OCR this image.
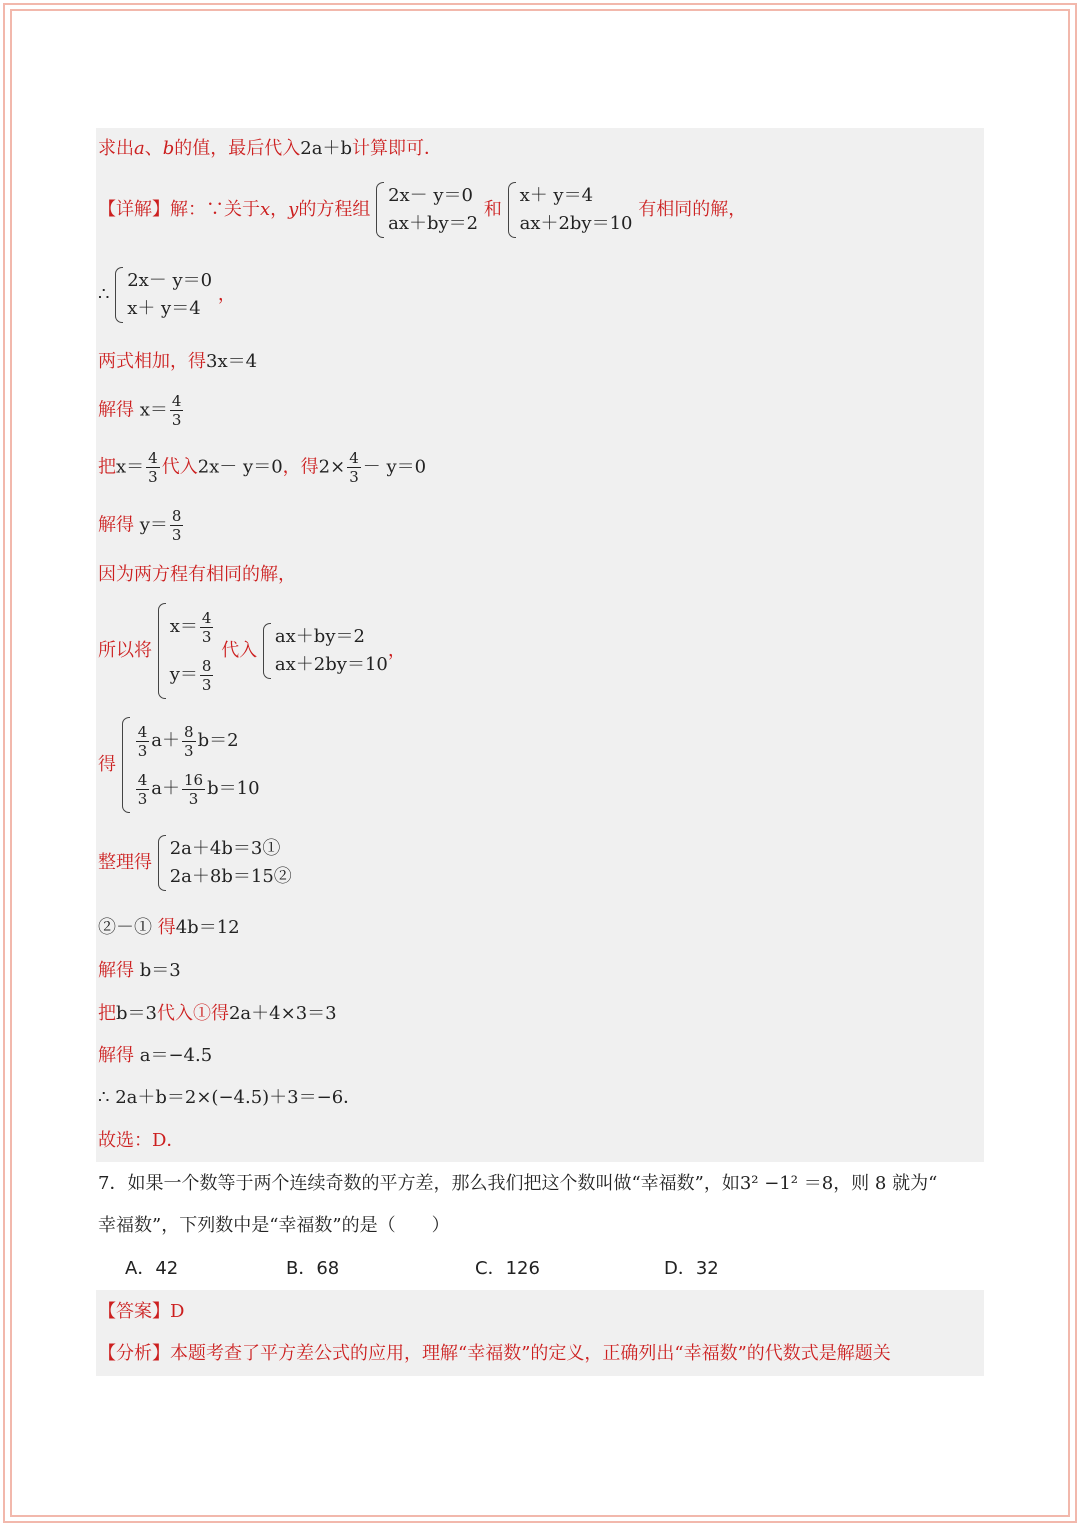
求出a、b的值，最后代入2a＋b计算即可．
【详解】解：∵关于x，y的方程组
2x－ y＝0
ax＋by＝2
和
x＋ y＝4
ax＋2by＝10
有相同的解，
∴
2x－ y＝0
x＋ y＝4
，
两式相加，得3x＝4
解得 $x= \frac{4}{3}$
把$x= \frac{4}{3}$ 代入2x－ y＝0，得$2\times \frac{4}{3} - y=0$
解得 $y= \frac{8}{3}$
因为两方程有相同的解，
所以将
$x= \frac{4}{3}$
$y= \frac{8}{3}$
代入
ax＋by＝2
ax＋2by＝10
，
得
$\frac{4}{3} a+ \frac{8}{3} b=2$
$\frac{4}{3} a+ \frac{16}{3} b=10$
整理得
2a＋4b＝3①
2a＋8b＝15②
②－① 得4b＝12
解得 b＝3
把b＝3代入①得2a＋4×3＝3
解得 a＝−4.5
∴ 2a＋b＝2×(−4.5)＋3＝−6．
故选：D．
7．如果一个数等于两个连续奇数的平方差，那么我们把这个数叫做“幸福数”，如3² −1² ＝8，则 8 就为“
幸福数”，下列数中是“幸福数”的是（　　）
A．42	B．68	C．126	D．32
【答案】D
【分析】本题考查了平方差公式的应用，理解“幸福数”的定义，正确列出“幸福数”的代数式是解题关
